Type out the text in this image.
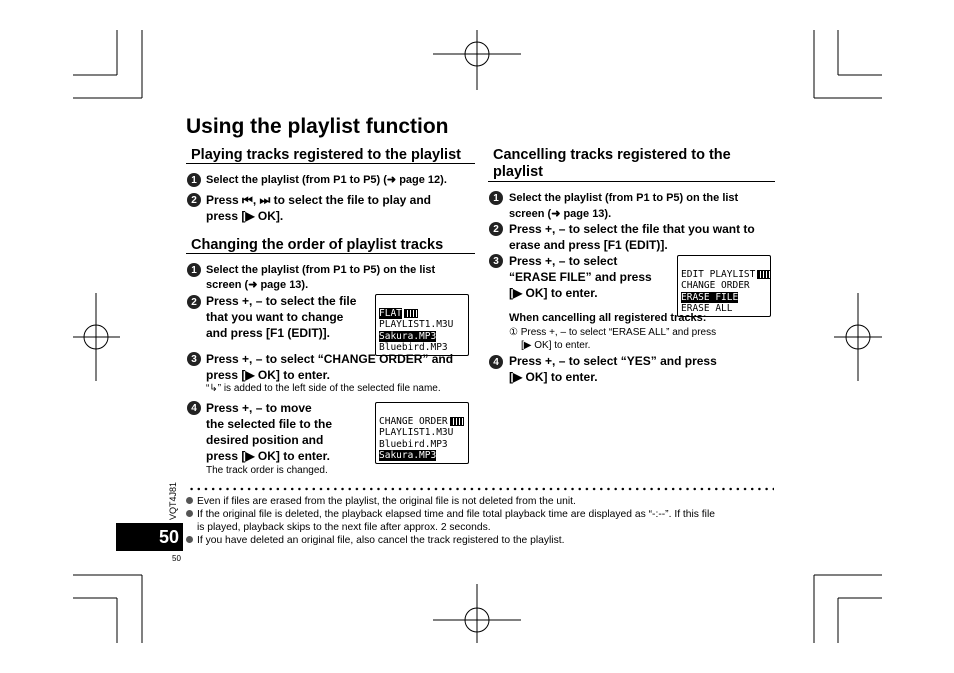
Using the playlist function
Playing tracks registered to the playlist
1 Select the playlist (from P1 to P5) (➜ page 12).
2 Press ⏮, ⏭ to select the file to play and
press [▶ OK].
Changing the order of playlist tracks
1 Select the playlist (from P1 to P5) on the list
screen (➜ page 13).
2 Press +, – to select the file
that you want to change
and press [F1 (EDIT)].

FLAT
PLAYLIST1.M3U
Sakura.MP3
Bluebird.MP3
3 Press +, – to select “CHANGE ORDER” and
press [▶ OK] to enter.
“↳” is added to the left side of the selected file name.
4 Press +, – to move
the selected file to the
desired position and
press [▶ OK] to enter.
The track order is changed.

CHANGE ORDER
PLAYLIST1.M3U
Bluebird.MP3
Sakura.MP3
Cancelling tracks registered to the
playlist
1 Select the playlist (from P1 to P5) on the list
screen (➜ page 13).
2 Press +, – to select the file that you want to
erase and press [F1 (EDIT)].
3 Press +, – to select
“ERASE FILE” and press
[▶ OK] to enter.

EDIT PLAYLIST
CHANGE ORDER
ERASE FILE
ERASE ALL
When cancelling all registered tracks:
① Press +, – to select “ERASE ALL” and press
[▶ OK] to enter.
4 Press +, – to select “YES” and press
[▶ OK] to enter.
Even if files are erased from the playlist, the original file is not deleted from the unit.
If the original file is deleted, the playback elapsed time and file total playback time are displayed as “-:--”. If this file
is played, playback skips to the next file after approx. 2 seconds.
If you have deleted an original file, also cancel the track registered to the playlist.
VQT4J81
50
50
